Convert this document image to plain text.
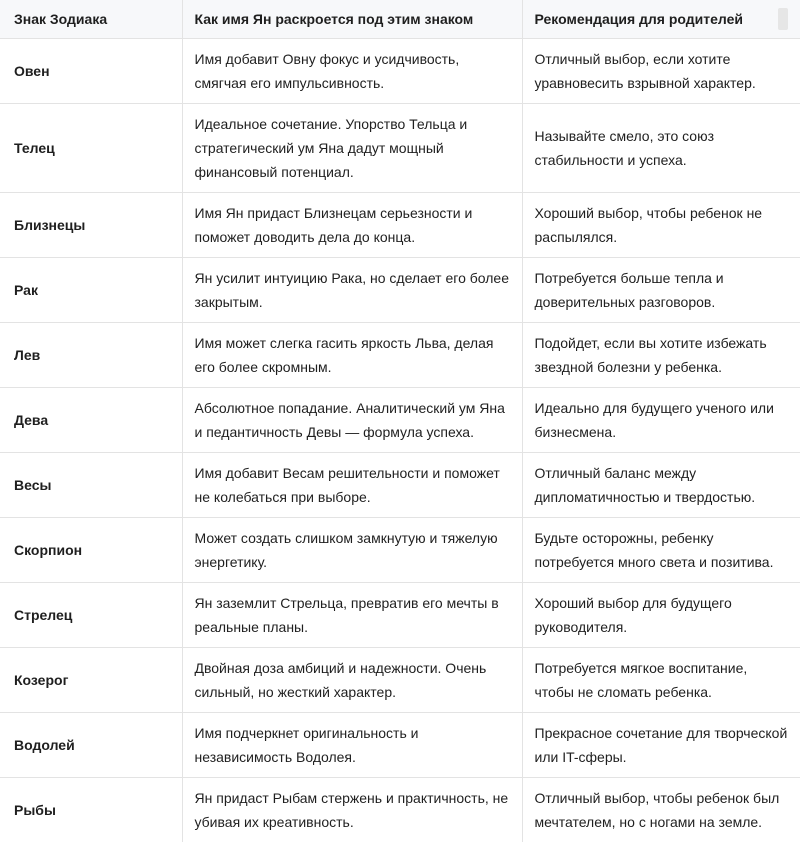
Знак Зодиака	Как имя Ян раскроется под этим знаком	Рекомендация для родителей
Овен	Имя добавит Овну фокус и усидчивость, смягчая его импульсивность.	Отличный выбор, если хотите уравновесить взрывной характер.
Телец	Идеальное сочетание. Упорство Тельца и стратегический ум Яна дадут мощный финансовый потенциал.	Называйте смело, это союз стабильности и успеха.
Близнецы	Имя Ян придаст Близнецам серьезности и поможет доводить дела до конца.	Хороший выбор, чтобы ребенок не распылялся.
Рак	Ян усилит интуицию Рака, но сделает его более закрытым.	Потребуется больше тепла и доверительных разговоров.
Лев	Имя может слегка гасить яркость Льва, делая его более скромным.	Подойдет, если вы хотите избежать звездной болезни у ребенка.
Дева	Абсолютное попадание. Аналитический ум Яна и педантичность Девы — формула успеха.	Идеально для будущего ученого или бизнесмена.
Весы	Имя добавит Весам решительности и поможет не колебаться при выборе.	Отличный баланс между дипломатичностью и твердостью.
Скорпион	Может создать слишком замкнутую и тяжелую энергетику.	Будьте осторожны, ребенку потребуется много света и позитива.
Стрелец	Ян заземлит Стрельца, превратив его мечты в реальные планы.	Хороший выбор для будущего руководителя.
Козерог	Двойная доза амбиций и надежности. Очень сильный, но жесткий характер.	Потребуется мягкое воспитание, чтобы не сломать ребенка.
Водолей	Имя подчеркнет оригинальность и независимость Водолея.	Прекрасное сочетание для творческой или IT-сферы.
Рыбы	Ян придаст Рыбам стержень и практичность, не убивая их креативность.	Отличный выбор, чтобы ребенок был мечтателем, но с ногами на земле.
